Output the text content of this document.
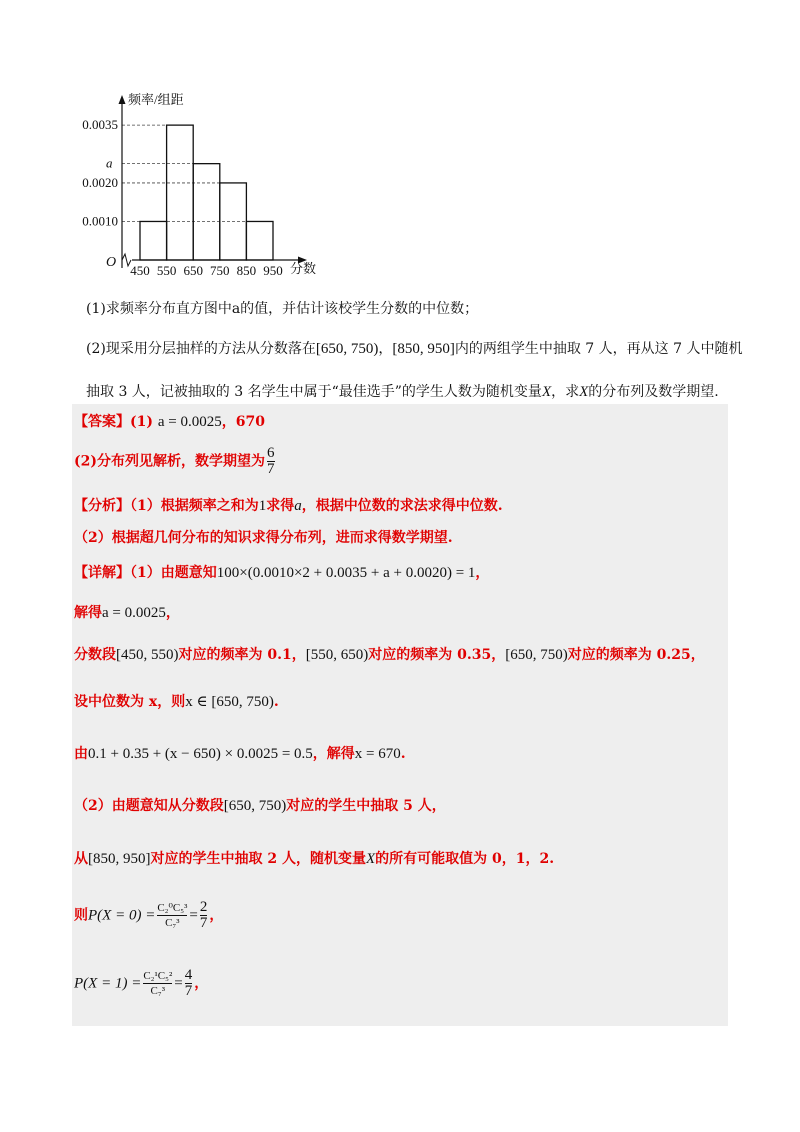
频率/组距
分数
O
0.0035
a
0.0020
0.0010
450 550 650 750 850 950
(1)求频率分布直方图中a的值，并估计该校学生分数的中位数；
(2)现采用分层抽样的方法从分数落在[650, 750)，[850, 950]内的两组学生中抽取 7 人，再从这 7 人中随机
抽取 3 人，记被抽取的 3 名学生中属于“最佳选手”的学生人数为随机变量X，求X的分布列及数学期望.
【答案】(1) a = 0.0025，670
(2)分布列见解析，数学期望为 $\frac{6}{7}$
【分析】（1）根据频率之和为1求得a，根据中位数的求法求得中位数.
（2）根据超几何分布的知识求得分布列，进而求得数学期望.
【详解】（1）由题意知100×(0.0010×2 + 0.0035 + a + 0.0020) = 1，
解得a = 0.0025，
分数段[450, 550)对应的频率为 0.1，[550, 650)对应的频率为 0.35，[650, 750)对应的频率为 0.25，
设中位数为 x，则x ∈ [650, 750).
由0.1 + 0.35 + (x − 650) × 0.0025 = 0.5，解得x = 670.
（2）由题意知从分数段[650, 750)对应的学生中抽取 5 人，
从[850, 950]对应的学生中抽取 2 人，随机变量X的所有可能取值为 0，1，2.
则$P(X = 0) = \frac{\text{C₂⁰C₅³}}{\text{C₇³}} = \frac{2}{7}$ ，
$P(X = 1) = \frac{\text{C₂¹C₅²}}{\text{C₇³}} = \frac{4}{7}$ ，
